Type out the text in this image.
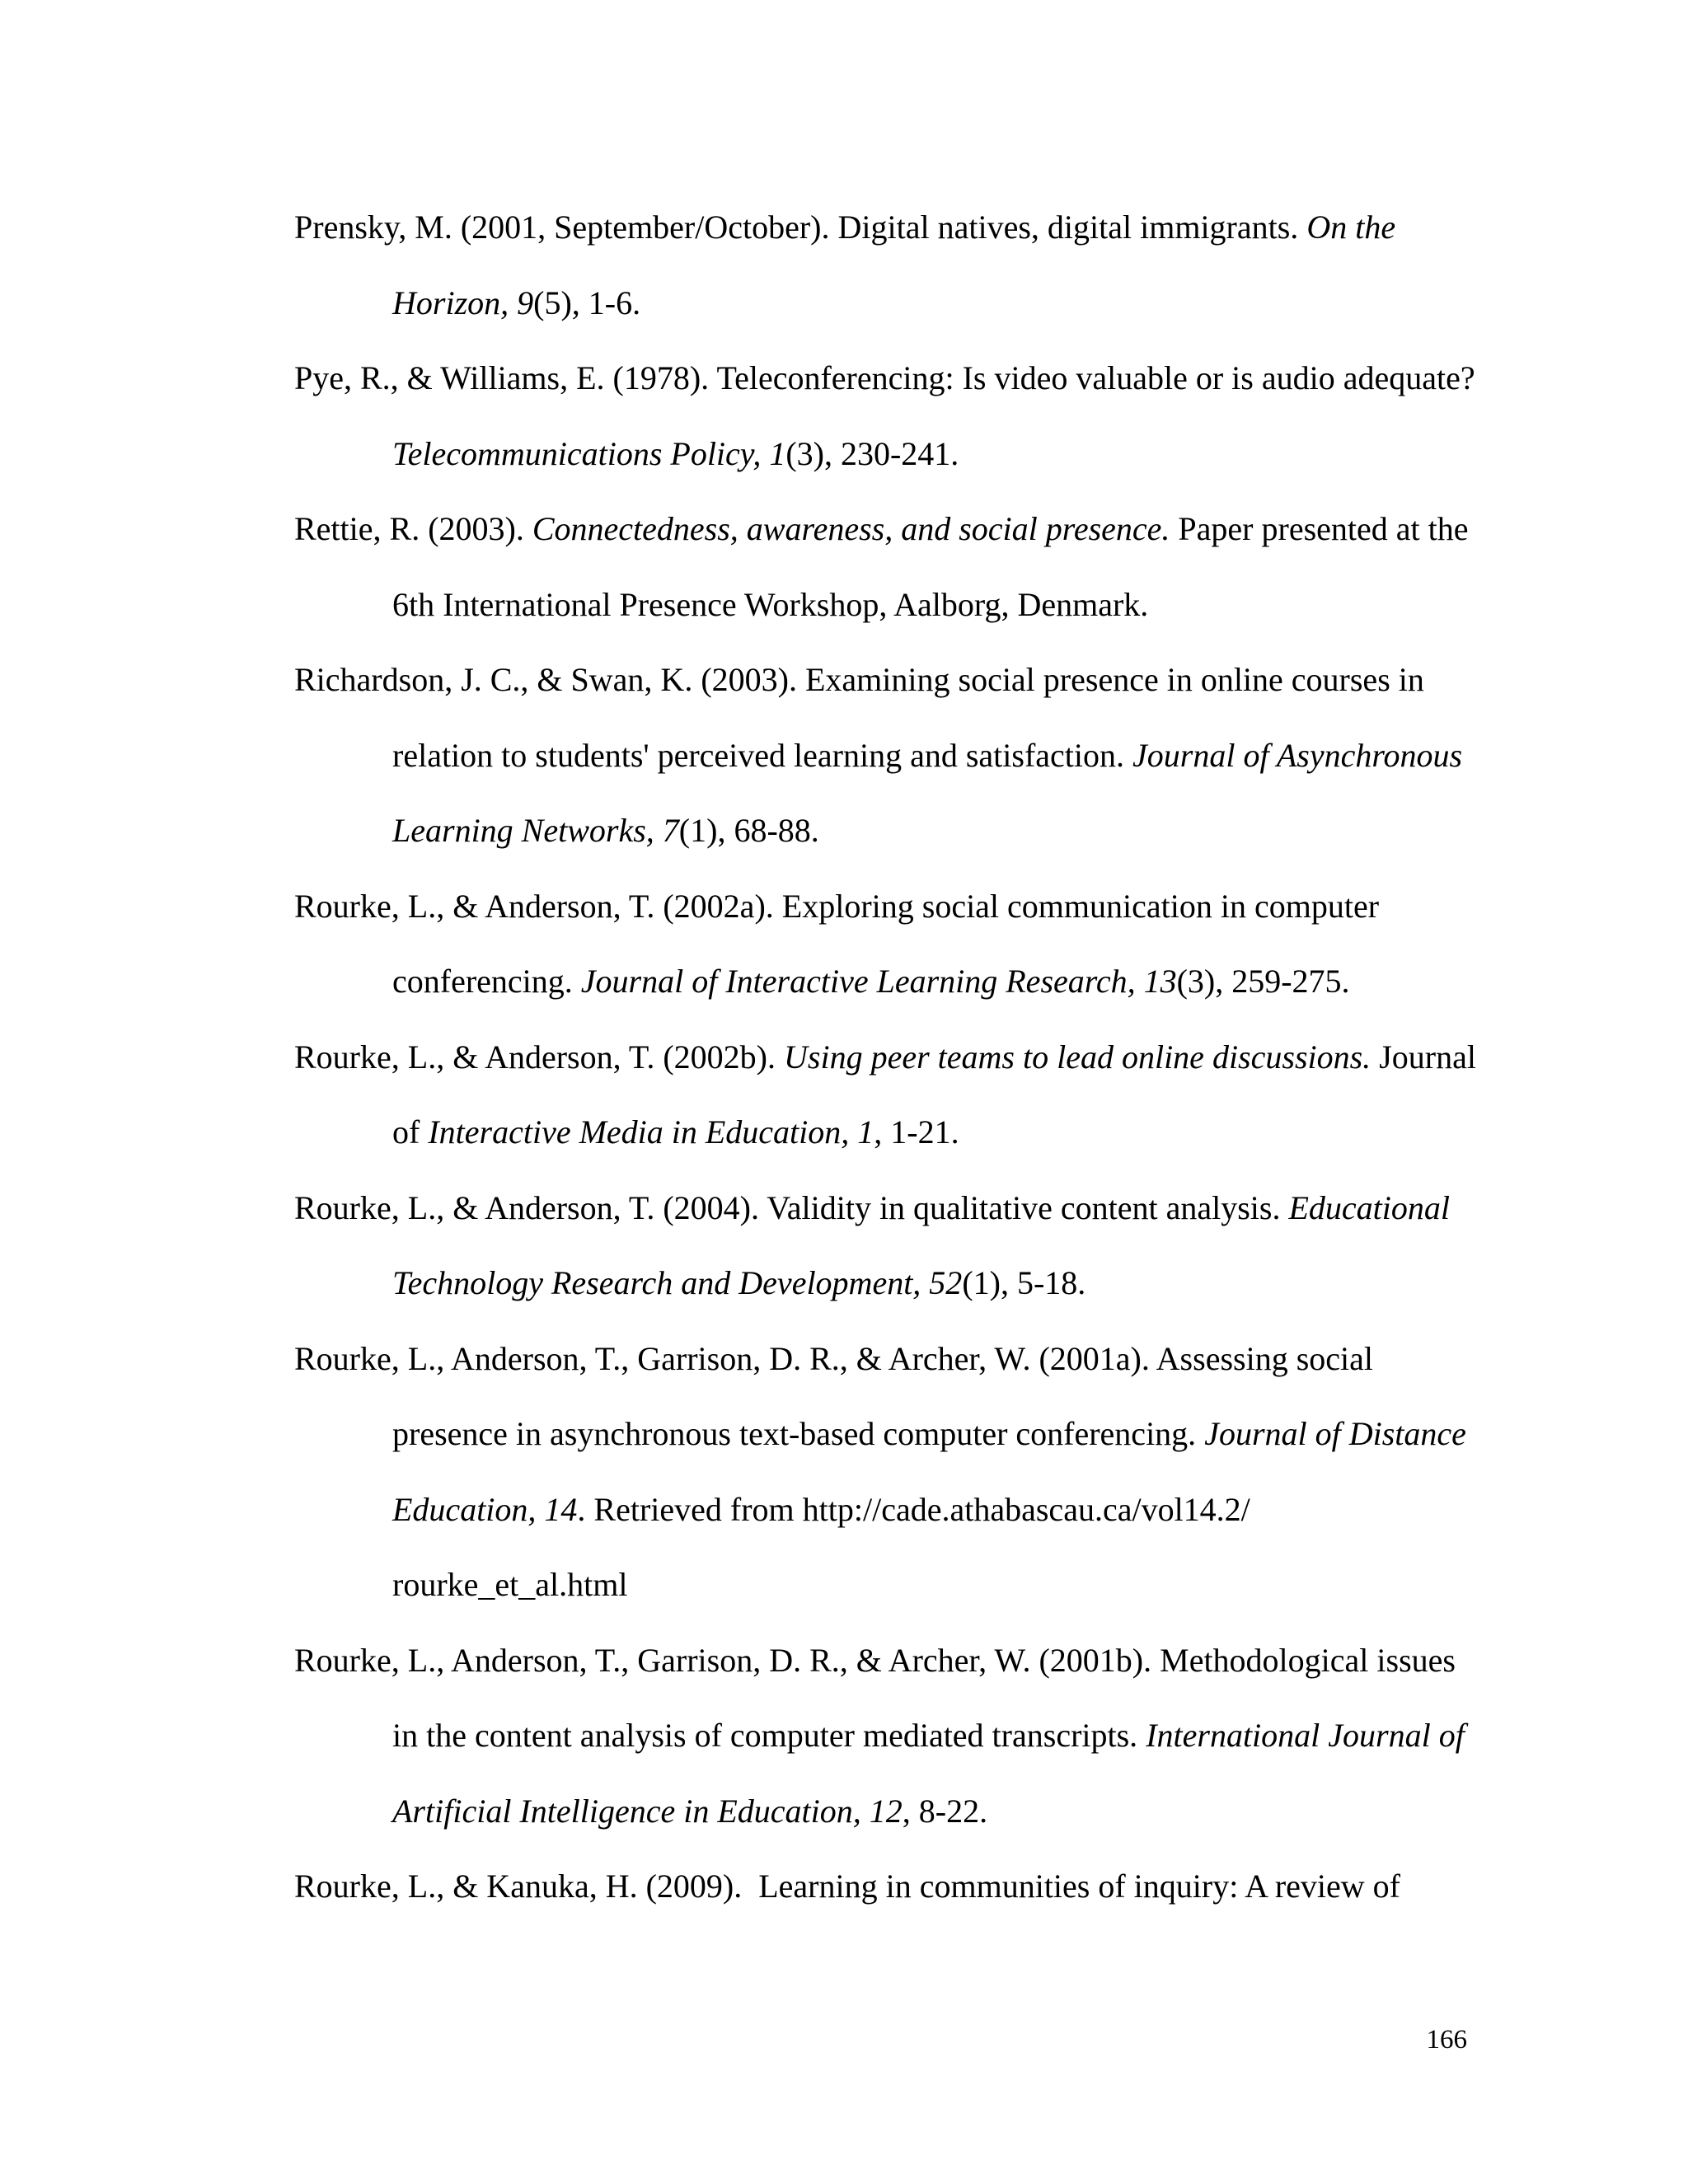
Prensky, M. (2001, September/October). Digital natives, digital immigrants. On the Horizon, 9(5), 1-6.
Pye, R., & Williams, E. (1978). Teleconferencing: Is video valuable or is audio adequate? Telecommunications Policy, 1(3), 230-241.
Rettie, R. (2003). Connectedness, awareness, and social presence. Paper presented at the 6th International Presence Workshop, Aalborg, Denmark.
Richardson, J. C., & Swan, K. (2003). Examining social presence in online courses in relation to students' perceived learning and satisfaction. Journal of Asynchronous Learning Networks, 7(1), 68-88.
Rourke, L., & Anderson, T. (2002a). Exploring social communication in computer conferencing. Journal of Interactive Learning Research, 13(3), 259-275.
Rourke, L., & Anderson, T. (2002b). Using peer teams to lead online discussions. Journal of Interactive Media in Education, 1, 1-21.
Rourke, L., & Anderson, T. (2004). Validity in qualitative content analysis. Educational Technology Research and Development, 52(1), 5-18.
Rourke, L., Anderson, T., Garrison, D. R., & Archer, W. (2001a). Assessing social presence in asynchronous text-based computer conferencing. Journal of Distance Education, 14. Retrieved from http://cade.athabascau.ca/vol14.2/
rourke_et_al.html
Rourke, L., Anderson, T., Garrison, D. R., & Archer, W. (2001b). Methodological issues in the content analysis of computer mediated transcripts. International Journal of Artificial Intelligence in Education, 12, 8-22.
Rourke, L., & Kanuka, H. (2009).  Learning in communities of inquiry: A review of
166
